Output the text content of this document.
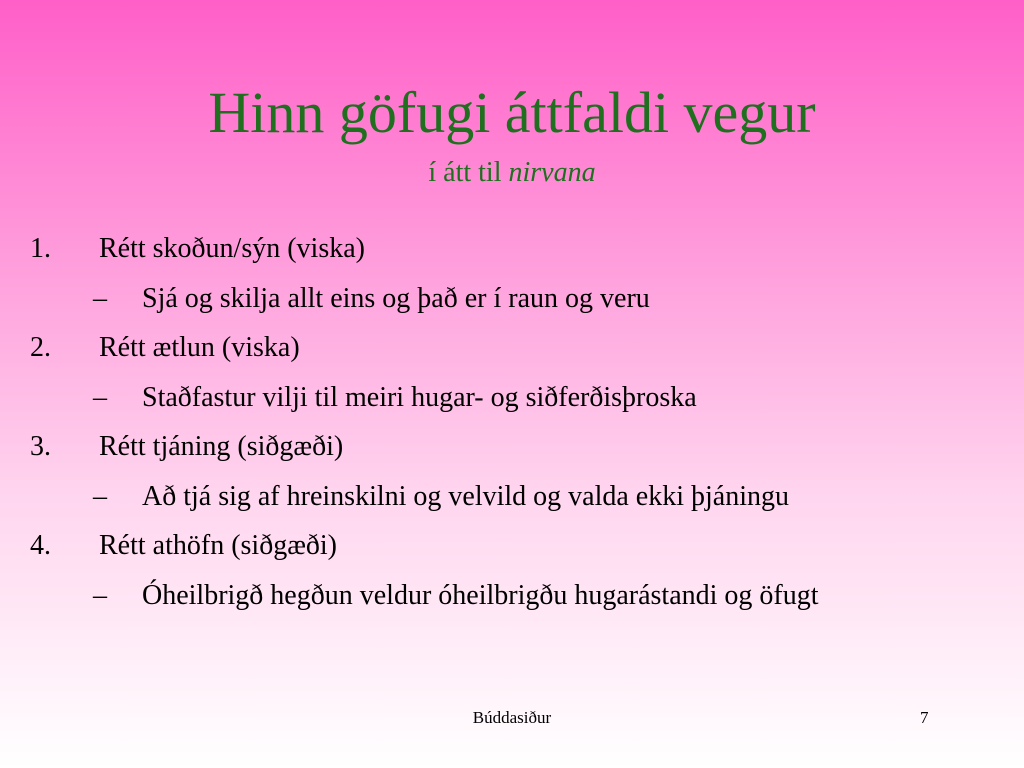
Hinn göfugi áttfaldi vegur
í átt til nirvana
1. Rétt skoðun/sýn (viska)
– Sjá og skilja allt eins og það er í raun og veru
2. Rétt ætlun (viska)
– Staðfastur vilji til meiri hugar- og siðferðisþroska
3. Rétt tjáning (siðgæði)
– Að tjá sig af hreinskilni og velvild og valda ekki þjáningu
4. Rétt athöfn (siðgæði)
– Óheilbrigð hegðun veldur óheilbrigðu hugarástandi og öfugt
Búddasiður	7
